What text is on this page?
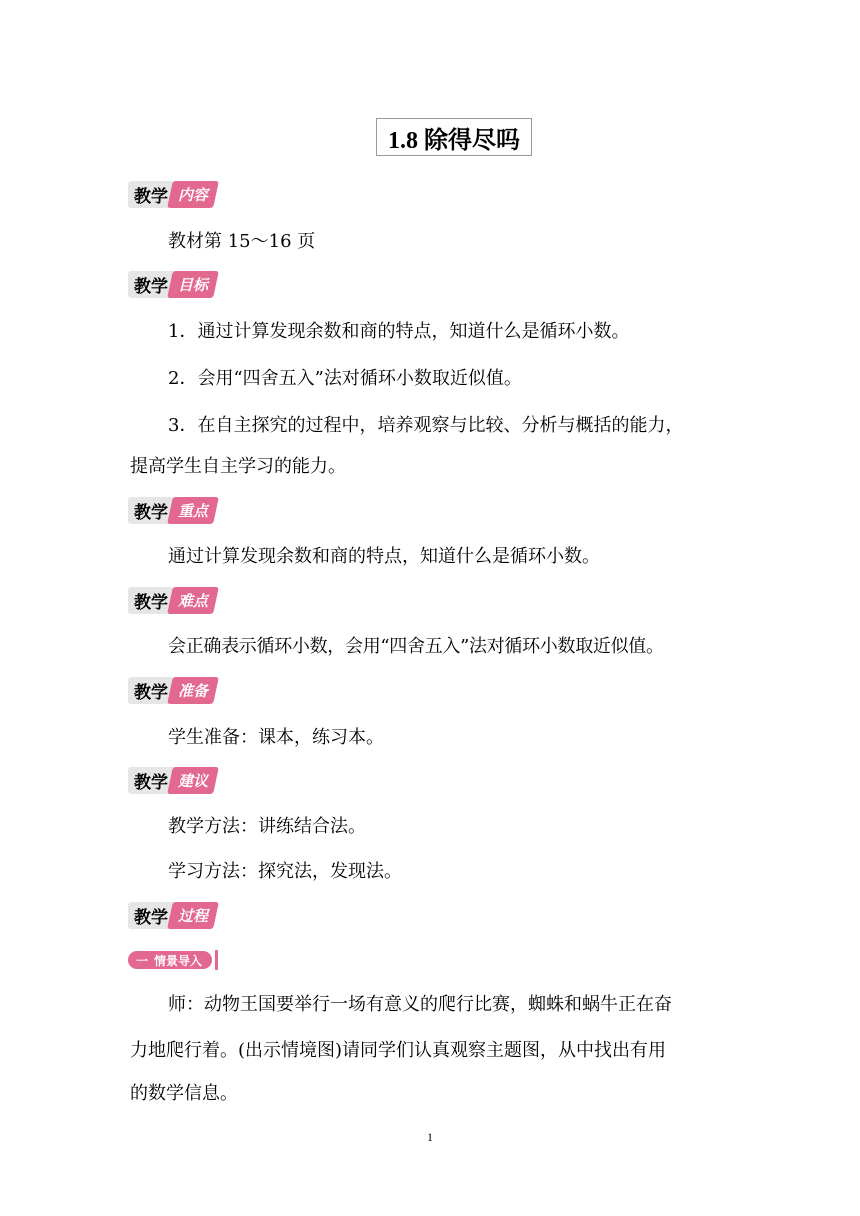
1.8 除得尽吗
教学 内容
教材第 15～16 页
教学 目标
1．通过计算发现余数和商的特点，知道什么是循环小数。
2．会用“四舍五入”法对循环小数取近似值。
3．在自主探究的过程中，培养观察与比较、分析与概括的能力，
提高学生自主学习的能力。
教学 重点
通过计算发现余数和商的特点，知道什么是循环小数。
教学 难点
会正确表示循环小数，会用“四舍五入”法对循环小数取近似值。
教学 准备
学生准备：课本，练习本。
教学 建议
教学方法：讲练结合法。
学习方法：探究法，发现法。
教学 过程
一 情景导入
师：动物王国要举行一场有意义的爬行比赛，蜘蛛和蜗牛正在奋
力地爬行着。(出示情境图)请同学们认真观察主题图，从中找出有用
的数学信息。
1
